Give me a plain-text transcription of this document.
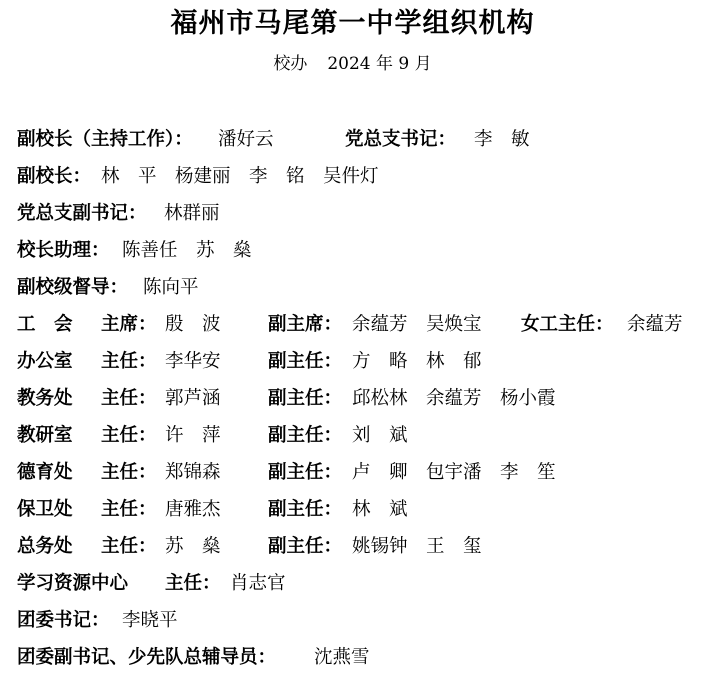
福州市马尾第一中学组织机构
校办 2024 年 9 月
副校长（主持工作）： 潘好云	党总支书记： 李　敏
副校长： 林　平　杨建丽　李　铭　吴件灯
党总支副书记： 林群丽
校长助理： 陈善任　苏　燊
副校级督导： 陈向平
工　会 主席： 殷　波	副主席： 余蕴芳　吴焕宝 女工主任： 余蕴芳
办公室 主任： 李华安	副主任： 方　略　林　郁
教务处 主任： 郭芦涵	副主任： 邱松林　余蕴芳　杨小霞
教研室 主任： 许　萍	副主任： 刘　斌
德育处 主任： 郑锦森	副主任： 卢　卿　包宇潘　李　笙
保卫处 主任： 唐雅杰	副主任： 林　斌
总务处 主任： 苏　燊	副主任： 姚锡钟　王　玺
学习资源中心 主任： 肖志官
团委书记： 李晓平
团委副书记、少先队总辅导员： 沈燕雪
